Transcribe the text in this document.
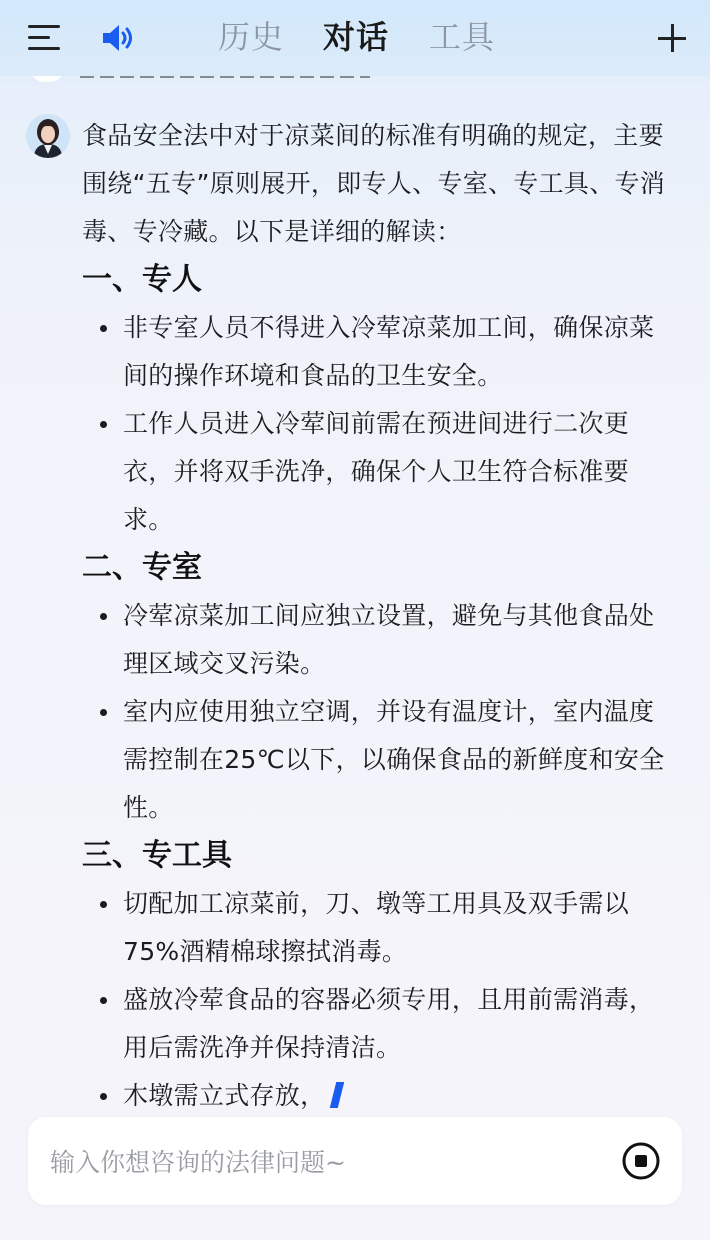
历史 对话 工具

食品安全法中对于凉菜间的标准有明确的规定，主要围绕“五专”原则展开，即专人、专室、专工具、专消毒、专冷藏。以下是详细的解读：

一、专人
非专室人员不得进入冷荤凉菜加工间，确保凉菜间的操作环境和食品的卫生安全。
工作人员进入冷荤间前需在预进间进行二次更衣，并将双手洗净，确保个人卫生符合标准要求。
二、专室
冷荤凉菜加工间应独立设置，避免与其他食品处理区域交叉污染。
室内应使用独立空调，并设有温度计，室内温度需控制在25℃以下，以确保食品的新鲜度和安全性。
三、专工具
切配加工凉菜前，刀、墩等工用具及双手需以75%酒精棉球擦拭消毒。
盛放冷荤食品的容器必须专用，且用前需消毒，用后需洗净并保持清洁。
木墩需立式存放，
输入你想咨询的法律问题~
